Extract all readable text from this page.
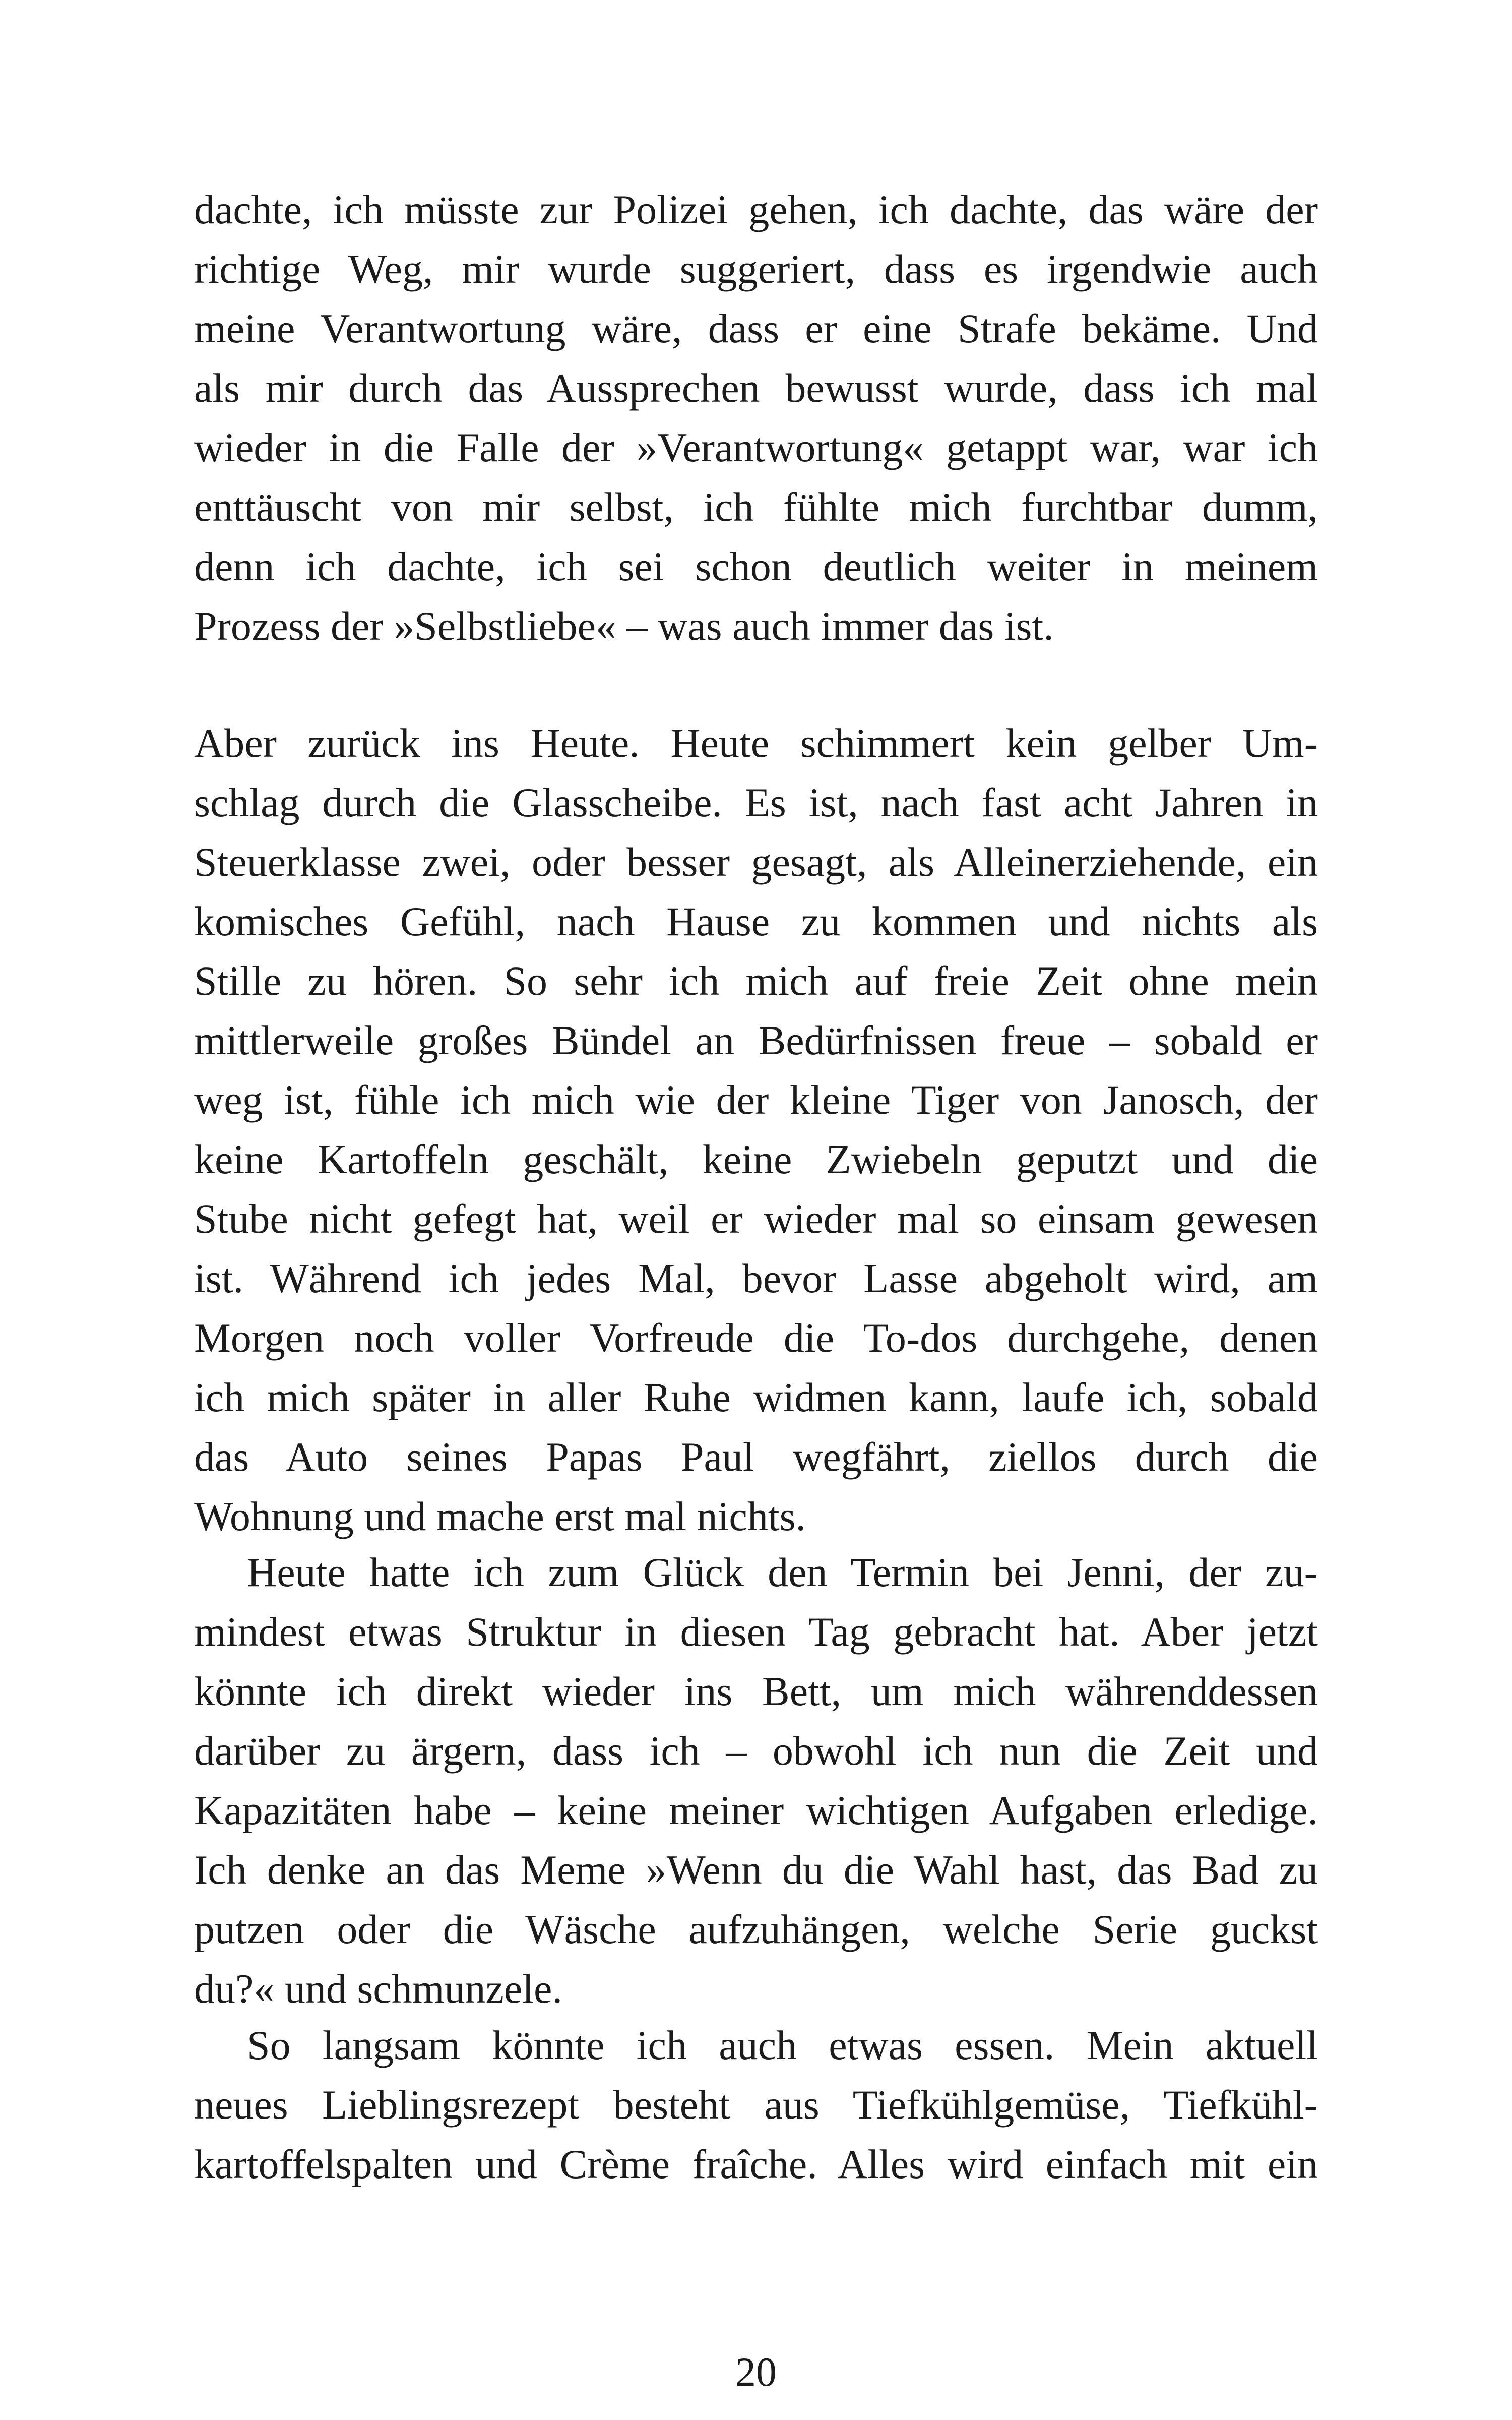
dachte, ich müsste zur Polizei gehen, ich dachte, das wäre der
richtige Weg, mir wurde suggeriert, dass es irgendwie auch
meine Verantwortung wäre, dass er eine Strafe bekäme. Und
als mir durch das Aussprechen bewusst wurde, dass ich mal
wieder in die Falle der »Verantwortung« getappt war, war ich
enttäuscht von mir selbst, ich fühlte mich furchtbar dumm,
denn ich dachte, ich sei schon deutlich weiter in meinem
Prozess der »Selbstliebe« – was auch immer das ist.
Aber zurück ins Heute. Heute schimmert kein gelber Um-
schlag durch die Glasscheibe. Es ist, nach fast acht Jahren in
Steuerklasse zwei, oder besser gesagt, als Alleinerziehende, ein
komisches Gefühl, nach Hause zu kommen und nichts als
Stille zu hören. So sehr ich mich auf freie Zeit ohne mein
mittlerweile großes Bündel an Bedürfnissen freue – sobald er
weg ist, fühle ich mich wie der kleine Tiger von Janosch, der
keine Kartoffeln geschält, keine Zwiebeln geputzt und die
Stube nicht gefegt hat, weil er wieder mal so einsam gewesen
ist. Während ich jedes Mal, bevor Lasse abgeholt wird, am
Morgen noch voller Vorfreude die To-dos durchgehe, denen
ich mich später in aller Ruhe widmen kann, laufe ich, sobald
das Auto seines Papas Paul wegfährt, ziellos durch die
Wohnung und mache erst mal nichts.
Heute hatte ich zum Glück den Termin bei Jenni, der zu-
mindest etwas Struktur in diesen Tag gebracht hat. Aber jetzt
könnte ich direkt wieder ins Bett, um mich währenddessen
darüber zu ärgern, dass ich – obwohl ich nun die Zeit und
Kapazitäten habe – keine meiner wichtigen Aufgaben erledige.
Ich denke an das Meme »Wenn du die Wahl hast, das Bad zu
putzen oder die Wäsche aufzuhängen, welche Serie guckst
du?« und schmunzele.
So langsam könnte ich auch etwas essen. Mein aktuell
neues Lieblingsrezept besteht aus Tiefkühlgemüse, Tiefkühl-
kartoffelspalten und Crème fraîche. Alles wird einfach mit ein
20
